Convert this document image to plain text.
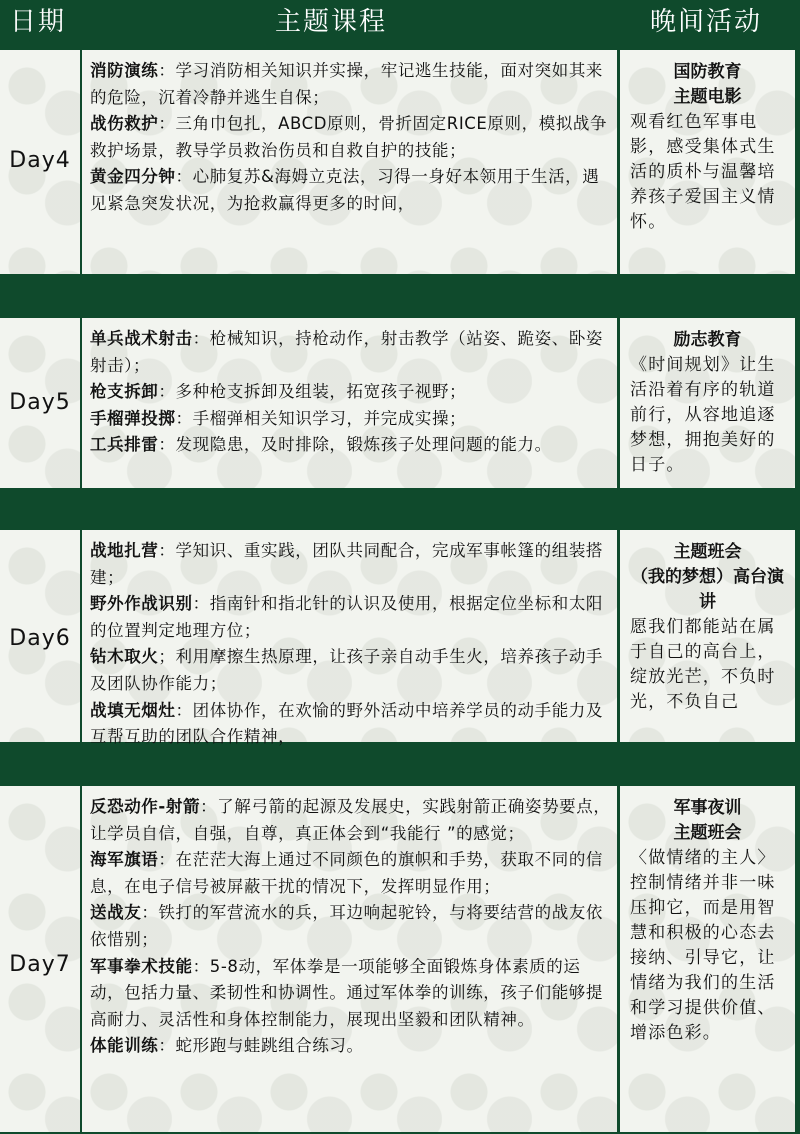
日期	主题课程	晚间活动
Day4
消防演练：学习消防相关知识并实操，牢记逃生技能，面对突如其来的危险，沉着冷静并逃生自保；
战伤救护：三角巾包扎，ABCD原则，骨折固定RICE原则，模拟战争救护场景，教导学员救治伤员和自救自护的技能；
黄金四分钟：心肺复苏&海姆立克法，习得一身好本领用于生活，遇见紧急突发状况，为抢救赢得更多的时间，
国防教育
主题电影
观看红色军事电影，感受集体式生活的质朴与温馨培养孩子爱国主义情怀。
Day5
单兵战术射击：枪械知识，持枪动作，射击教学（站姿、跪姿、卧姿射击）；
枪支拆卸：多种枪支拆卸及组装，拓宽孩子视野；
手榴弹投掷：手榴弹相关知识学习，并完成实操；
工兵排雷：发现隐患，及时排除，锻炼孩子处理问题的能力。
励志教育
《时间规划》让生活沿着有序的轨道前行，从容地追逐梦想，拥抱美好的日子。
Day6
战地扎营：学知识、重实践，团队共同配合，完成军事帐篷的组装搭建；
野外作战识别：指南针和指北针的认识及使用，根据定位坐标和太阳的位置判定地理方位；
钻木取火；利用摩擦生热原理，让孩子亲自动手生火，培养孩子动手及团队协作能力；
战填无烟灶：团体协作，在欢愉的野外活动中培养学员的动手能力及互帮互助的团队合作精神，
主题班会
（我的梦想）高台演讲
愿我们都能站在属于自己的高台上，绽放光芒，不负时光，不负自己
Day7
反恐动作-射箭：了解弓箭的起源及发展史，实践射箭正确姿势要点，让学员自信，自强，自尊，真正体会到“我能行 ”的感觉；
海军旗语：在茫茫大海上通过不同颜色的旗帜和手势，获取不同的信息，在电子信号被屏蔽干扰的情况下，发挥明显作用；
送战友：铁打的军营流水的兵，耳边响起驼铃，与将要结营的战友依依惜别；
军事拳术技能：5-8动，军体拳是一项能够全面锻炼身体素质的运动，包括力量、柔韧性和协调性。通过军体拳的训练，孩子们能够提高耐力、灵活性和身体控制能力，展现出坚毅和团队精神。
体能训练：蛇形跑与蛙跳组合练习。
军事夜训
主题班会
〈做情绪的主人〉控制情绪并非一味压抑它，而是用智慧和积极的心态去接纳、引导它，让情绪为我们的生活和学习提供价值、增添色彩。
